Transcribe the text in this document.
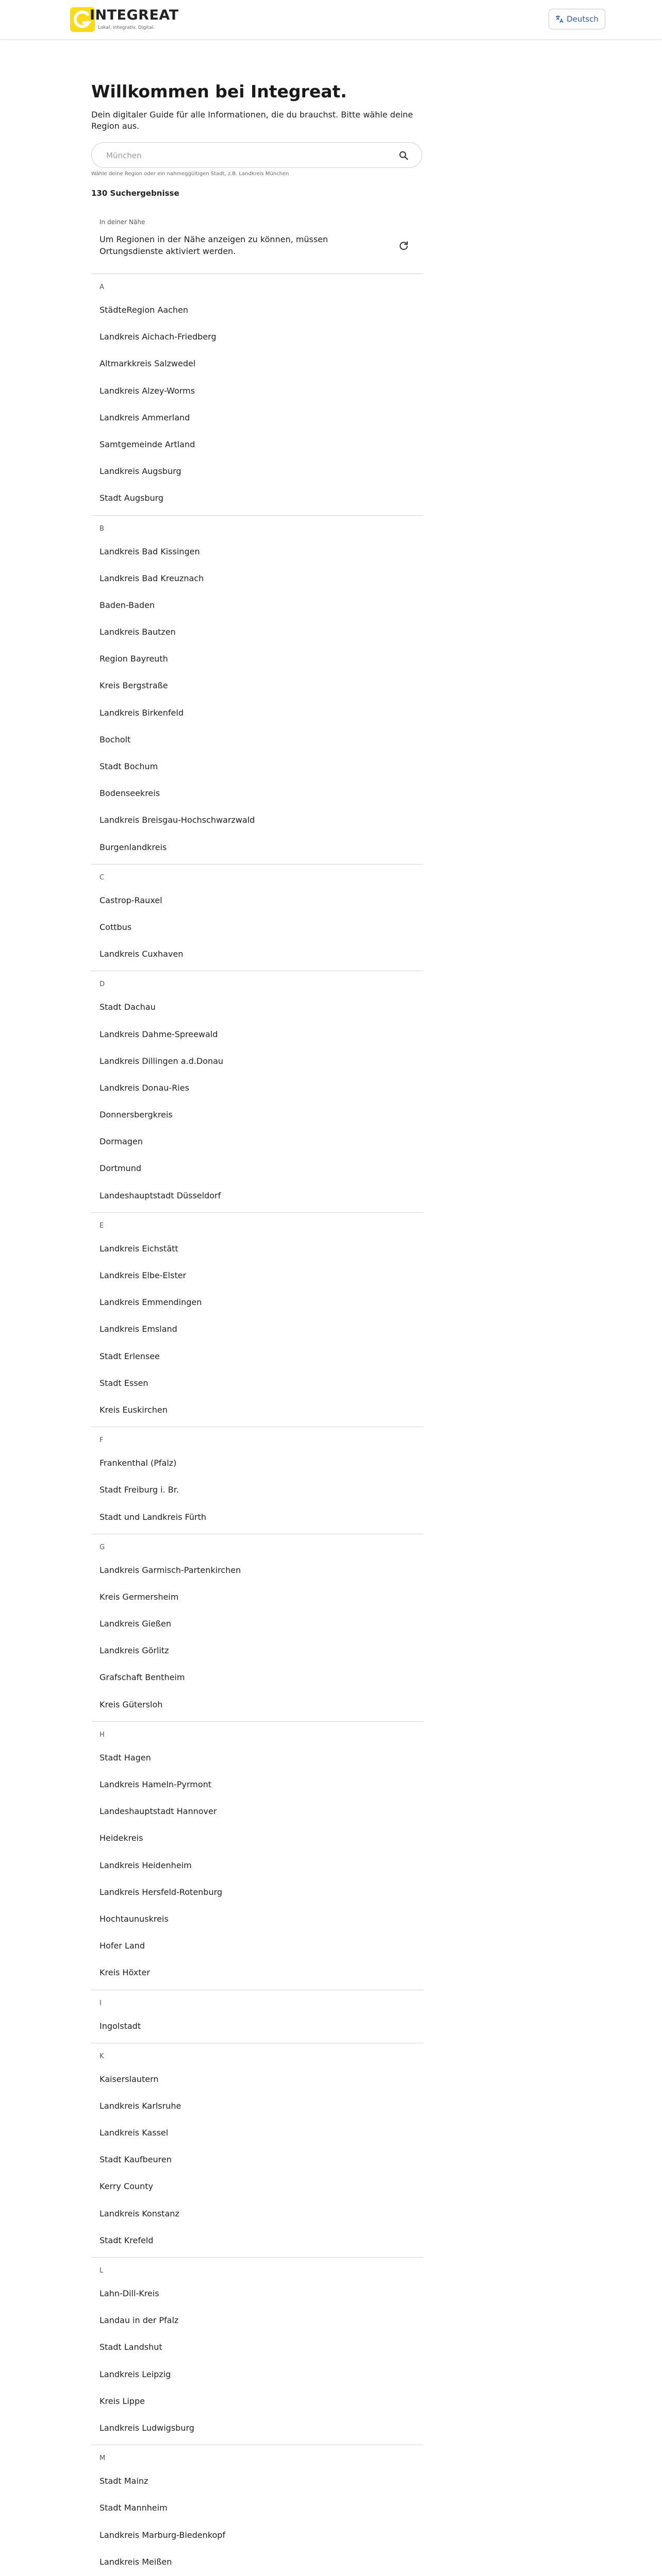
INTEGREAT
Lokal. Integrativ. Digital.
Deutsch
Willkommen bei Integreat.
Dein digitaler Guide für alle Informationen, die du brauchst. Bitte wähle deine Region aus.
München
Wähle deine Region oder ein nahmeggültigen Stadt, z.B. Landkreis München
130 Suchergebnisse
In deiner Nähe
Um Regionen in der Nähe anzeigen zu können, müssen Ortungsdienste aktiviert werden.
A
StädteRegion Aachen
Landkreis Aichach-Friedberg
Altmarkkreis Salzwedel
Landkreis Alzey-Worms
Landkreis Ammerland
Samtgemeinde Artland
Landkreis Augsburg
Stadt Augsburg
B
Landkreis Bad Kissingen
Landkreis Bad Kreuznach
Baden-Baden
Landkreis Bautzen
Region Bayreuth
Kreis Bergstraße
Landkreis Birkenfeld
Bocholt
Stadt Bochum
Bodenseekreis
Landkreis Breisgau-Hochschwarzwald
Burgenlandkreis
C
Castrop-Rauxel
Cottbus
Landkreis Cuxhaven
D
Stadt Dachau
Landkreis Dahme-Spreewald
Landkreis Dillingen a.d.Donau
Landkreis Donau-Ries
Donnersbergkreis
Dormagen
Dortmund
Landeshauptstadt Düsseldorf
E
Landkreis Eichstätt
Landkreis Elbe-Elster
Landkreis Emmendingen
Landkreis Emsland
Stadt Erlensee
Stadt Essen
Kreis Euskirchen
F
Frankenthal (Pfalz)
Stadt Freiburg i. Br.
Stadt und Landkreis Fürth
G
Landkreis Garmisch-Partenkirchen
Kreis Germersheim
Landkreis Gießen
Landkreis Görlitz
Grafschaft Bentheim
Kreis Gütersloh
H
Stadt Hagen
Landkreis Hameln-Pyrmont
Landeshauptstadt Hannover
Heidekreis
Landkreis Heidenheim
Landkreis Hersfeld-Rotenburg
Hochtaunuskreis
Hofer Land
Kreis Höxter
I
Ingolstadt
K
Kaiserslautern
Landkreis Karlsruhe
Landkreis Kassel
Stadt Kaufbeuren
Kerry County
Landkreis Konstanz
Stadt Krefeld
L
Lahn-Dill-Kreis
Landau in der Pfalz
Stadt Landshut
Landkreis Leipzig
Kreis Lippe
Landkreis Ludwigsburg
M
Stadt Mainz
Stadt Mannheim
Landkreis Marburg-Biedenkopf
Landkreis Meißen
